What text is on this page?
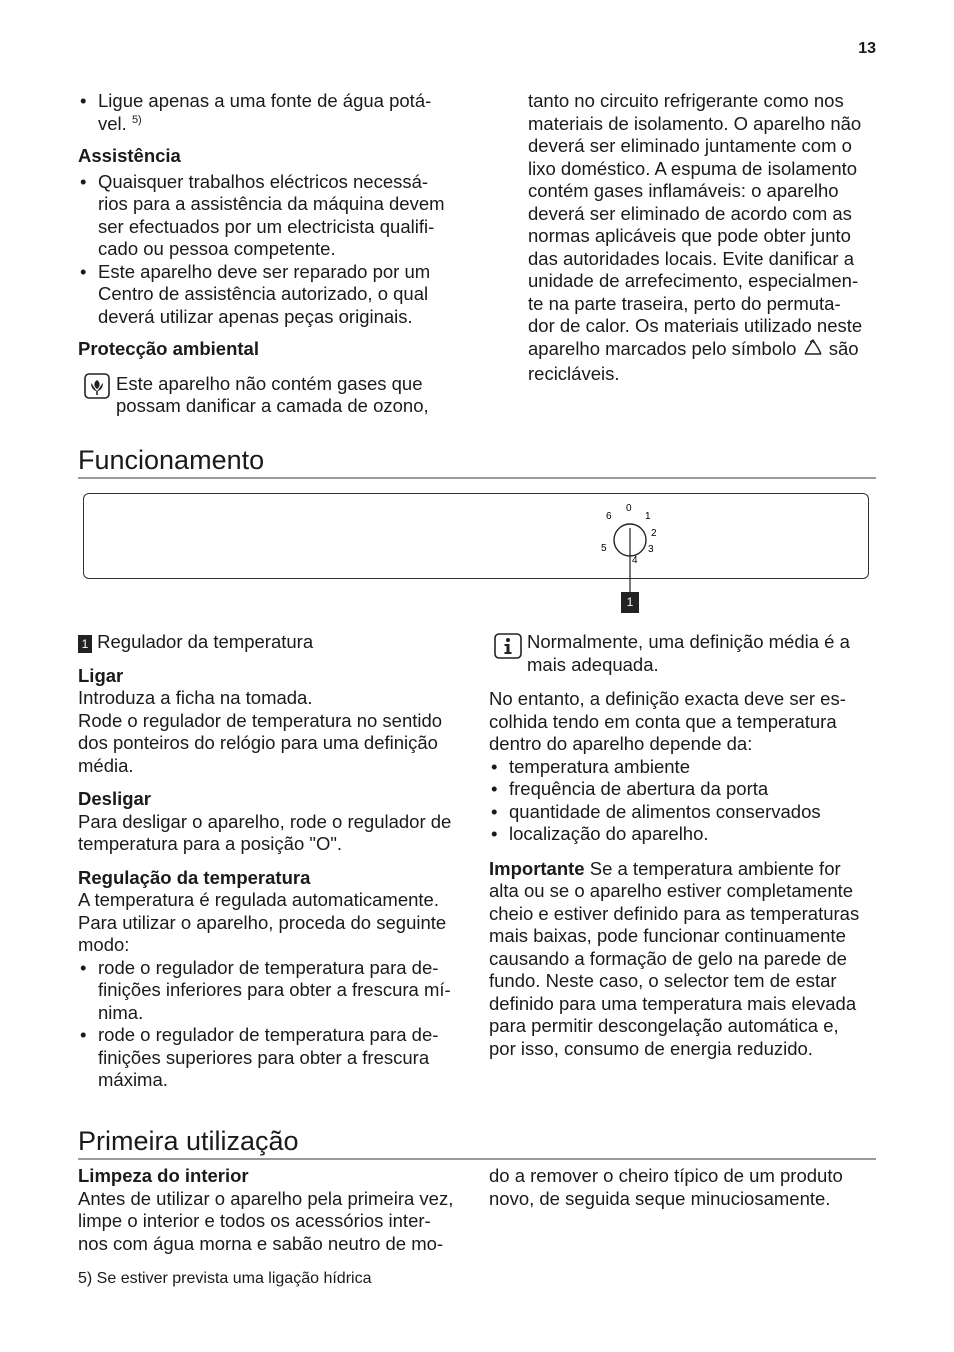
13
• Ligue apenas a uma fonte de água potá-
vel. $^{5)}$

Assistência

• Quaisquer trabalhos eléctricos necessá-
rios para a assistência da máquina devem
ser efectuados por um electricista qualifi-
cado ou pessoa competente.
• Este aparelho deve ser reparado por um
Centro de assistência autorizado, o qual
deverá utilizar apenas peças originais.

Protecção ambiental

Este aparelho não contém gases que
possam danificar a camada de ozono,
tanto no circuito refrigerante como nos
materiais de isolamento. O aparelho não
deverá ser eliminado juntamente com o
lixo doméstico. A espuma de isolamento
contém gases inflamáveis: o aparelho
deverá ser eliminado de acordo com as
normas aplicáveis que pode obter junto
das autoridades locais. Evite danificar a
unidade de arrefecimento, especialmen-
te na parte traseira, perto do permuta-
dor de calor. Os materiais utilizado neste
aparelho marcados pelo símbolo são
recicláveis.
Funcionamento
0
1
2
3
4
5
6
1
1 Regulador da temperatura

Ligar

Introduza a ficha na tomada.
Rode o regulador de temperatura no sentido
dos ponteiros do relógio para uma definição
média.

Desligar

Para desligar o aparelho, rode o regulador de
temperatura para a posição "O".

Regulação da temperatura

A temperatura é regulada automaticamente.
Para utilizar o aparelho, proceda do seguinte
modo:
• rode o regulador de temperatura para de-
finições inferiores para obter a frescura mí-
nima.
• rode o regulador de temperatura para de-
finições superiores para obter a frescura
máxima.
Normalmente, uma definição média é a
mais adequada.
No entanto, a definição exacta deve ser es-
colhida tendo em conta que a temperatura
dentro do aparelho depende da:
• temperatura ambiente
• frequência de abertura da porta
• quantidade de alimentos conservados
• localização do aparelho.
Importante Se a temperatura ambiente for
alta ou se o aparelho estiver completamente
cheio e estiver definido para as temperaturas
mais baixas, pode funcionar continuamente
causando a formação de gelo na parede de
fundo. Neste caso, o selector tem de estar
definido para uma temperatura mais elevada
para permitir descongelação automática e,
por isso, consumo de energia reduzido.
Primeira utilização

Limpeza do interior

Antes de utilizar o aparelho pela primeira vez,
limpe o interior e todos os acessórios inter-
nos com água morna e sabão neutro de mo-
do a remover o cheiro típico de um produto
novo, de seguida seque minuciosamente.
5) Se estiver prevista uma ligação hídrica
